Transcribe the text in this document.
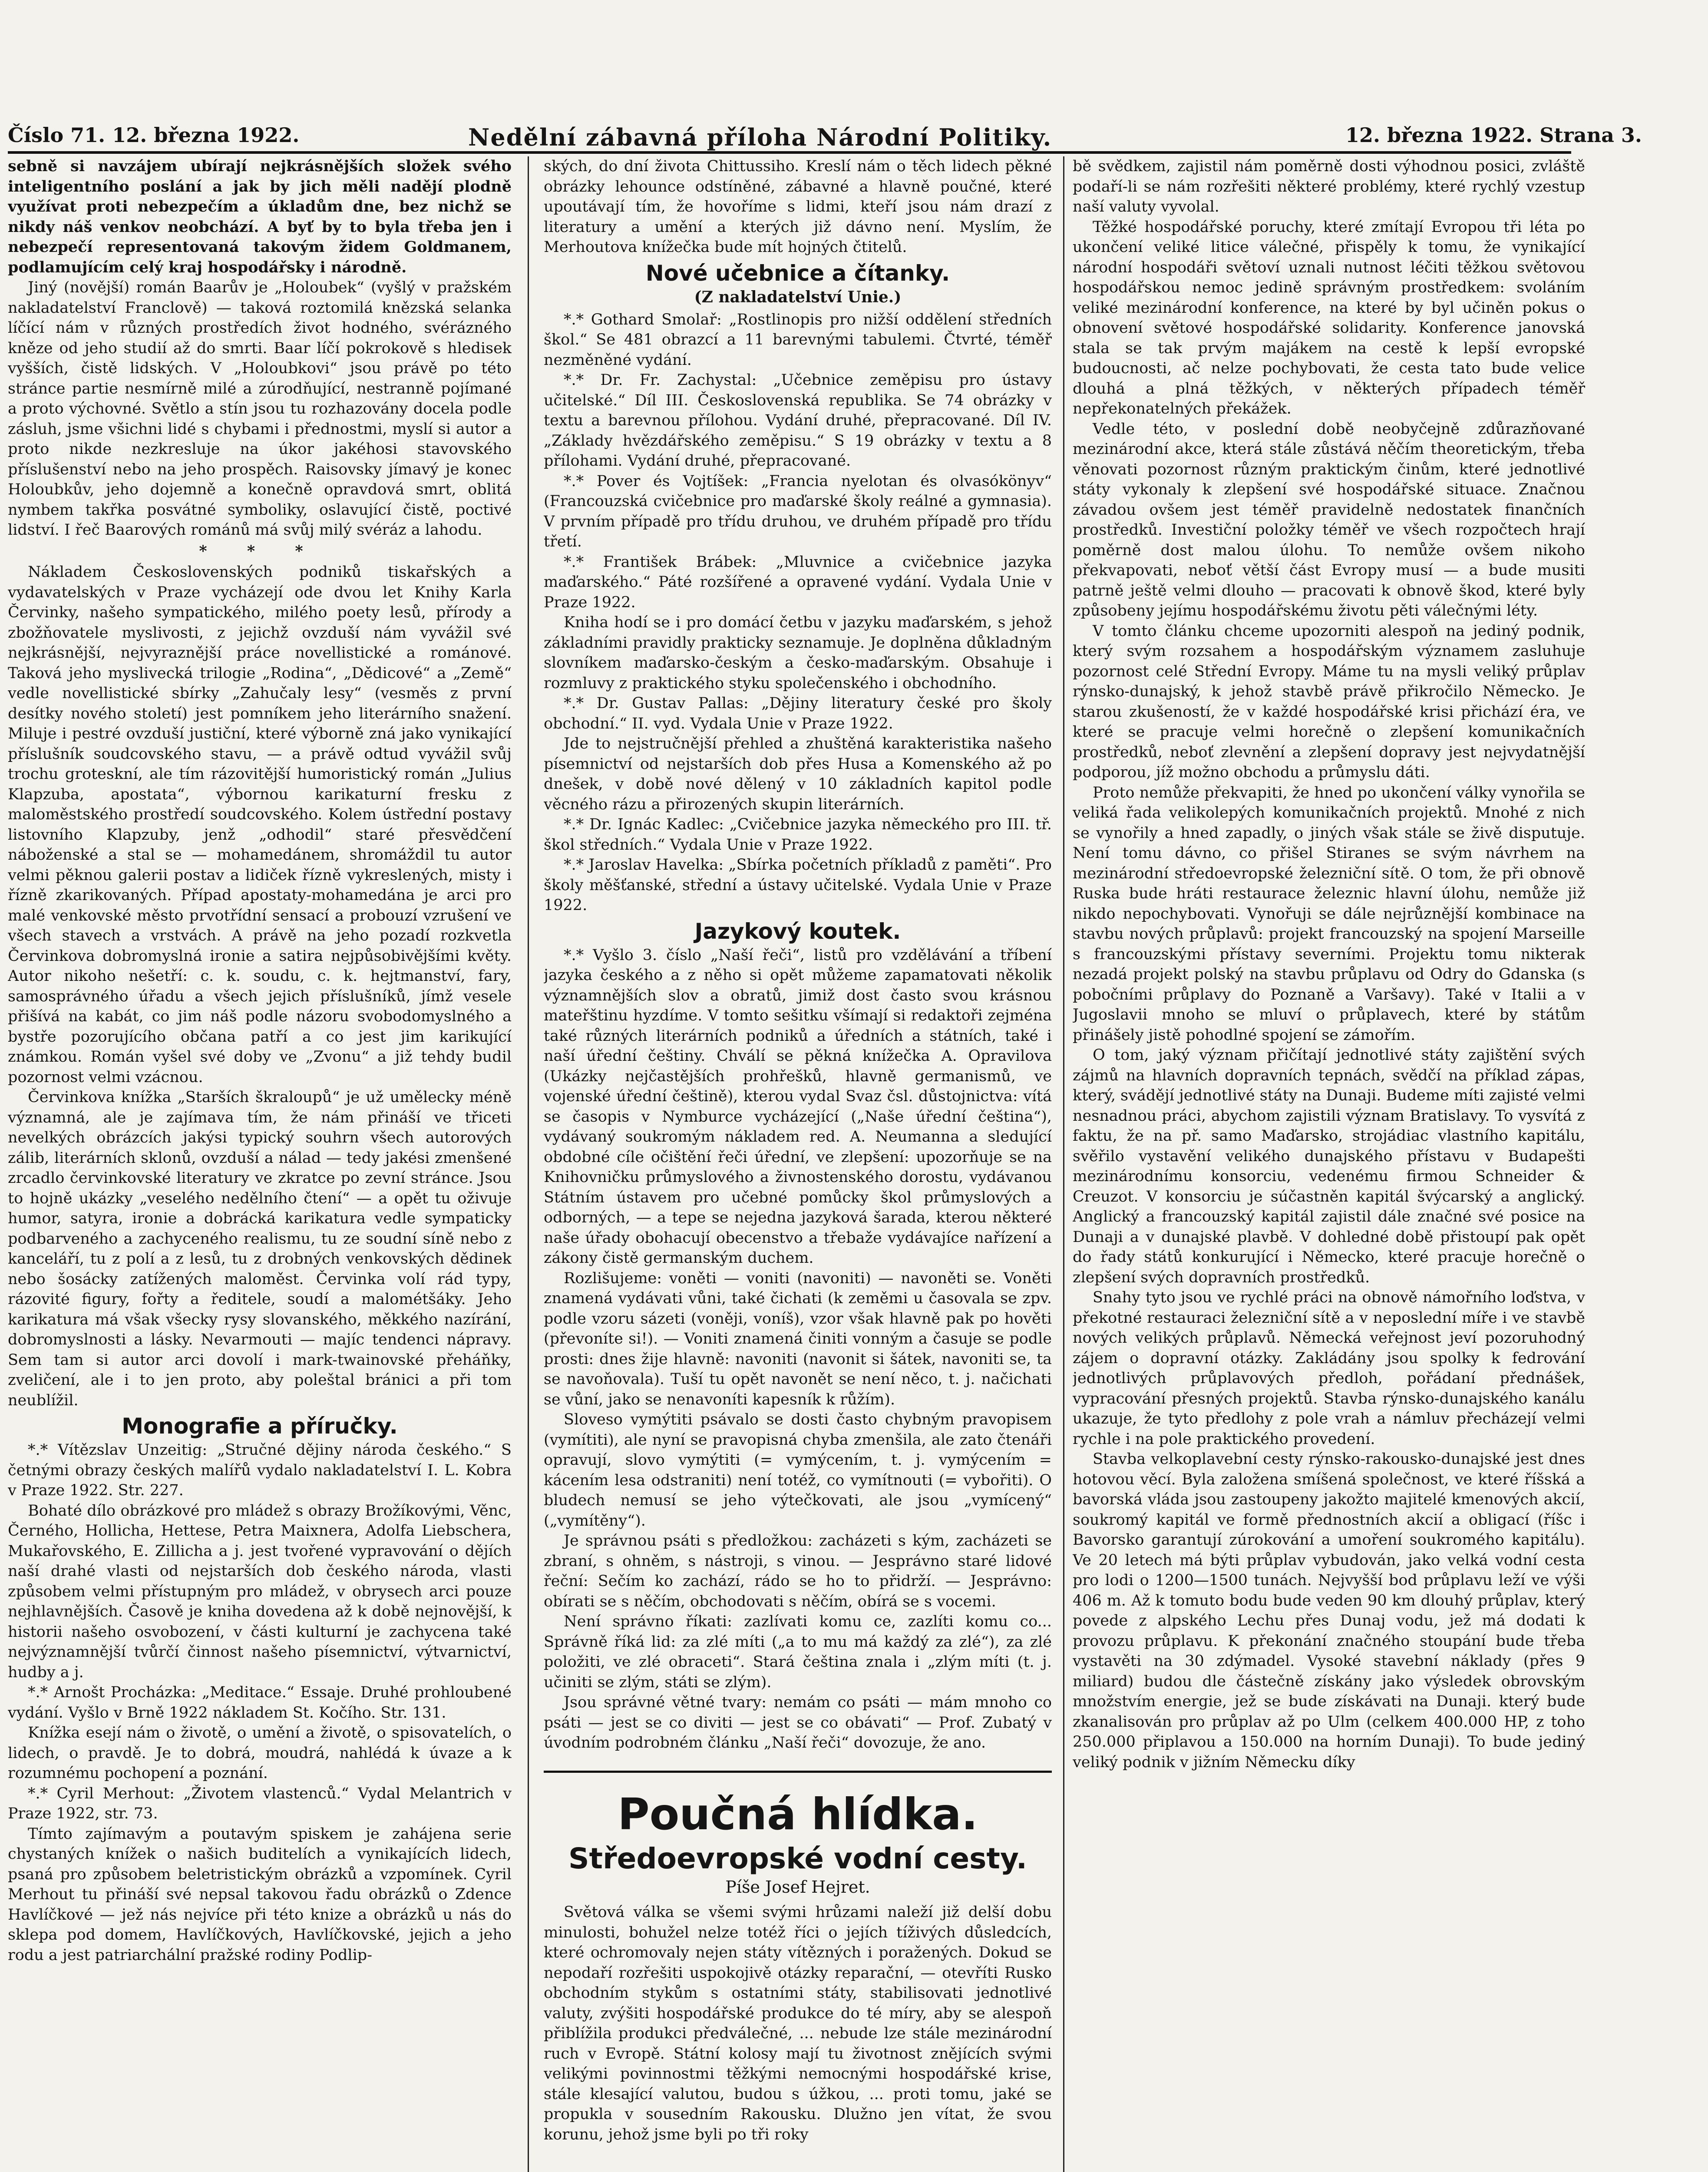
Číslo 71. 12. března 1922.	Nedělní zábavná příloha Národní Politiky.	12. března 1922. Strana 3.

sebně si navzájem ubírají nejkrásnějších složek svého inteligentního poslání a jak by jich měli nadějí plodně využívat proti nebezpečím a úkladům dne, bez nichž se nikdy náš venkov neobchází. A byť by to byla třeba jen i nebezpečí representovaná takovým židem Goldmanem, podlamujícím celý kraj hospodářsky i národně.

Jiný (novější) román Baarův je „Holoubek“ (vyšlý v pražském nakladatelství Franclově) — taková roztomilá knězská selanka líčící nám v různých prostředích život hodného, svérázného kněze od jeho studií až do smrti. Baar líčí pokrokově s hledisek vyšších, čistě lidských. V „Holoubkovi“ jsou právě po této stránce partie nesmírně milé a zúrodňující, nestranně pojímané a proto výchovné. Světlo a stín jsou tu rozhazovány docela podle zásluh, jsme všichni lidé s chybami i přednostmi, myslí si autor a proto nikde nezkresluje na úkor jakéhosi stavovského příslušenství nebo na jeho prospěch. Raisovsky jímavý je konec Holoubkův, jeho dojemně a konečně opravdová smrt, oblitá nymbem takřka posvátné symboliky, oslavující čistě, poctivé lidství. I řeč Baarových románů má svůj milý svéráz a lahodu.

* * *

Nákladem Československých podniků tiskařských a vydavatelských v Praze vycházejí ode dvou let Knihy Karla Červinky, našeho sympatického, milého poety lesů, přírody a zbožňovatele myslivosti, z jejichž ovzduší nám vyvážil své nejkrásnější, nejvyraznější práce novellistické a románové. Taková jeho myslivecká trilogie „Rodina“, „Dědicové“ a „Země“ vedle novellistické sbírky „Zahučaly lesy“ (vesměs z první desítky nového století) jest pomníkem jeho literárního snažení. Miluje i pestré ovzduší justiční, které výborně zná jako vynikající příslušník soudcovského stavu, — a právě odtud vyvážil svůj trochu groteskní, ale tím rázovitější humoristický román „Julius Klapzuba, apostata“, výbornou karikaturní fresku z maloměstského prostředí soudcovského. Kolem ústřední postavy listovního Klapzuby, jenž „odhodil“ staré přesvědčení náboženské a stal se — mohamedánem, shromáždil tu autor velmi pěknou galerii postav a lidiček řízně vykreslených, misty i řízně zkarikovaných. Případ apostaty-mohamedána je arci pro malé venkovské město prvotřídní sensací a probouzí vzrušení ve všech stavech a vrstvách. A právě na jeho pozadí rozkvetla Červinkova dobromyslná ironie a satira nejpůsobivějšími květy. Autor nikoho nešetří: c. k. soudu, c. k. hejtmanství, fary, samosprávného úřadu a všech jejich příslušníků, jímž vesele přišívá na kabát, co jim náš podle názoru svobodomyslného a bystře pozorujícího občana patří a co jest jim karikující známkou. Román vyšel své doby ve „Zvonu“ a již tehdy budil pozornost velmi vzácnou.

Červinkova knížka „Starších škraloupů“ je už umělecky méně významná, ale je zajímava tím, že nám přináší ve třiceti nevelkých obrázcích jakýsi typický souhrn všech autorových zálib, literárních sklonů, ovzduší a nálad — tedy jakési zmenšené zrcadlo červinkovské literatury ve zkratce po zevní stránce. Jsou to hojně ukázky „veselého nedělního čtení“ — a opět tu oživuje humor, satyra, ironie a dobrácká karikatura vedle sympaticky podbarveného a zachyceného realismu, tu ze soudní síně nebo z kanceláří, tu z polí a z lesů, tu z drobných venkovských dědinek nebo šosácky zatížených maloměst. Červinka volí rád typy, rázovité figury, fořty a ředitele, soudí a malométšáky. Jeho karikatura má však všecky rysy slovanského, měkkého nazírání, dobromyslnosti a lásky. Nevarmouti — majíc tendenci nápravy. Sem tam si autor arci dovolí i mark-twainovské přeháňky, zveličení, ale i to jen proto, aby poleštal bránici a při tom neublížil.

Monografie a příručky.

*.* Vítězslav Unzeitig: „Stručné dějiny národa českého.“ S četnými obrazy českých malířů vydalo nakladatelství I. L. Kobra v Praze 1922. Str. 227.

Bohaté dílo obrázkové pro mládež s obrazy Brožíkovými, Věnc, Černého, Hollicha, Hettese, Petra Maixnera, Adolfa Liebschera, Mukařovského, E. Zillicha a j. jest tvořené vypravování o dějích naší drahé vlasti od nejstarších dob českého národa, vlasti způsobem velmi přístupným pro mládež, v obrysech arci pouze nejhlavnějších. Časově je kniha dovedena až k době nejnovější, k historii našeho osvobození, v části kulturní je zachycena také nejvýznamnější tvůrčí činnost našeho písemnictví, výtvarnictví, hudby a j.

*.* Arnošt Procházka: „Meditace.“ Essaje. Druhé prohloubené vydání. Vyšlo v Brně 1922 nákladem St. Kočího. Str. 131.

Knížka esejí nám o životě, o umění a životě, o spisovatelích, o lidech, o pravdě. Je to dobrá, moudrá, nahlédá k úvaze a k rozumnému pochopení a poznání.

*.* Cyril Merhout: „Životem vlastenců.“ Vydal Melantrich v Praze 1922, str. 73.

Tímto zajímavým a poutavým spiskem je zahájena serie chystaných knížek o našich buditelích a vynikajících lidech, psaná pro způsobem beletristickým obrázků a vzpomínek. Cyril Merhout tu přináší své nepsal takovou řadu obrázků o Zdence Havlíčkové — jež nás nejvíce při této knize a obrázků u nás do sklepa pod domem, Havlíčkových, Havlíčkovské, jejich a jeho rodu a jest patriarchální pražské rodiny Podlip-

ských, do dní života Chittussiho. Kreslí nám o těch lidech pěkné obrázky lehounce odstíněné, zábavné a hlavně poučné, které upoutávají tím, že hovoříme s lidmi, kteří jsou nám drazí z literatury a umění a kterých již dávno není. Myslím, že Merhoutova knížečka bude mít hojných čtitelů.

Nové učebnice a čítanky.
(Z nakladatelství Unie.)

*.* Gothard Smolař: „Rostlinopis pro nižší oddělení středních škol.“ Se 481 obrazcí a 11 barevnými tabulemi. Čtvrté, téměř nezměněné vydání.

*.* Dr. Fr. Zachystal: „Učebnice zeměpisu pro ústavy učitelské.“ Díl III. Československá republika. Se 74 obrázky v textu a barevnou přílohou. Vydání druhé, přepracované. Díl IV. „Základy hvězdářského zeměpisu.“ S 19 obrázky v textu a 8 přílohami. Vydání druhé, přepracované.

*.* Pover és Vojtíšek: „Francia nyelotan és olvasókönyv“ (Francouzská cvičebnice pro maďarské školy reálné a gymnasia). V prvním případě pro třídu druhou, ve druhém případě pro třídu třetí.

*.* František Brábek: „Mluvnice a cvičebnice jazyka maďarského.“ Páté rozšířené a opravené vydání. Vydala Unie v Praze 1922.

Kniha hodí se i pro domácí četbu v jazyku maďarském, s jehož základními pravidly prakticky seznamuje. Je doplněna důkladným slovníkem maďarsko-českým a česko-maďarským. Obsahuje i rozmluvy z praktického styku společenského i obchodního.

*.* Dr. Gustav Pallas: „Dějiny literatury české pro školy obchodní.“ II. vyd. Vydala Unie v Praze 1922.

Jde to nejstručnější přehled a zhuštěná karakteristika našeho písemnictví od nejstarších dob přes Husa a Komenského až po dnešek, v době nové dělený v 10 základních kapitol podle věcného rázu a přirozených skupin literárních.

*.* Dr. Ignác Kadlec: „Cvičebnice jazyka německého pro III. tř. škol středních.“ Vydala Unie v Praze 1922.

*.* Jaroslav Havelka: „Sbírka početních příkladů z paměti“. Pro školy měšťanské, střední a ústavy učitelské. Vydala Unie v Praze 1922.

Jazykový koutek.

*.* Vyšlo 3. číslo „Naší řeči“, listů pro vzdělávání a tříbení jazyka českého a z něho si opět můžeme zapamatovati několik významnějších slov a obratů, jimiž dost často svou krásnou mateřštinu hyzdíme. V tomto sešitku všímají si redaktoři zejména také různých literárních podniků a úředních a státních, také i naší úřední češtiny. Chválí se pěkná knížečka A. Opravilova (Ukázky nejčastějších prohřešků, hlavně germanismů, ve vojenské úřední češtině), kterou vydal Svaz čsl. důstojnictva: vítá se časopis v Nymburce vycházející („Naše úřední čeština“), vydávaný soukromým nákladem red. A. Neumanna a sledující obdobné cíle očištění řeči úřední, ve zlepšení: upozorňuje se na Knihovničku průmyslového a živnostenského dorostu, vydávanou Státním ústavem pro učebné pomůcky škol průmyslových a odborných, — a tepe se nejedna jazyková šarada, kterou některé naše úřady obohacují obecenstvo a třebaže vydávajíce nařízení a zákony čistě germanským duchem.

Rozlišujeme: voněti — voniti (navoniti) — navoněti se. Voněti znamená vydávati vůni, také čichati (k zeměmi u časovala se zpv. podle vzoru sázeti (voněji, voníš), vzor však hlavně pak po hověti (převoníte si!). — Voniti znamená činiti vonným a časuje se podle prosti: dnes žije hlavně: navoniti (navonit si šátek, navoniti se, ta se navoňovala). Tuší tu opět navonět se není něco, t. j. načichati se vůní, jako se nenavoníti kapesník k růžím).

Sloveso vymýtiti psávalo se dosti často chybným pravopisem (vymítiti), ale nyní se pravopisná chyba zmenšila, ale zato čtenáři opravují, slovo vymýtiti (= vymýcením, t. j. vymýcením = kácením lesa odstraniti) není totéž, co vymítnouti (= vybořiti). O bludech nemusí se jeho výtečkovati, ale jsou „vymícený“ („vymítěny“).

Je správnou psáti s předložkou: zacházeti s kým, zacházeti se zbraní, s ohněm, s nástroji, s vinou. — Jesprávno staré lidové řeční: Sečím ko zachází, rádo se ho to přidrží. — Jesprávno: obírati se s něčím, obchodovati s něčím, obírá se s vocemi.

Není správno říkati: zazlívati komu ce, zazlíti komu co... Správně říká lid: za zlé míti („a to mu má každý za zlé“), za zlé položiti, ve zlé obraceti“. Stará čeština znala i „zlým míti (t. j. učiniti se zlým, státi se zlým).

Jsou správné větné tvary: nemám co psáti — mám mnoho co psáti — jest se co diviti — jest se co obávati“ — Prof. Zubatý v úvodním podrobném článku „Naší řeči“ dovozuje, že ano.

Poučná hlídka.
Středoevropské vodní cesty.
Píše Josef Hejret.

Světová válka se všemi svými hrůzami naleží již delší dobu minulosti, bohužel nelze totéž říci o jejích tíživých důsledcích, které ochromovaly nejen státy vítězných i poražených. Dokud se nepodaří rozřešiti uspokojivě otázky reparační, — otevříti Rusko obchodním stykům s ostatními státy, stabilisovati jednotlivé valuty, zvýšiti hospodářské produkce do té míry, aby se alespoň přiblížila produkci předválečné, ... nebude lze stále mezinárodní ruch v Evropě. Státní kolosy mají tu životnost znějících svými velikými povinnostmi těžkými nemocnými hospodářské krise, stále klesající valutou, budou s úžkou, ... proti tomu, jaké se propukla v sousedním Rakousku. Dlužno jen vítat, že svou korunu, jehož jsme byli po tři roky

bě svědkem, zajistil nám poměrně dosti výhodnou posici, zvláště podaří-li se nám rozřešiti některé problémy, které rychlý vzestup naší valuty vyvolal.

Těžké hospodářské poruchy, které zmítají Evropou tři léta po ukončení veliké litice válečné, přispěly k tomu, že vynikající národní hospodáři světoví uznali nutnost léčiti těžkou světovou hospodářskou nemoc jedině správným prostředkem: svoláním veliké mezinárodní konference, na které by byl učiněn pokus o obnovení světové hospodářské solidarity. Konference janovská stala se tak prvým majákem na cestě k lepší evropské budoucnosti, ač nelze pochybovati, že cesta tato bude velice dlouhá a plná těžkých, v některých případech téměř nepřekonatelných překážek.

Vedle této, v poslední době neobyčejně zdůrazňované mezinárodní akce, která stále zůstává něčím theoretickým, třeba věnovati pozornost různým praktickým činům, které jednotlivé státy vykonaly k zlepšení své hospodářské situace. Značnou závadou ovšem jest téměř pravidelně nedostatek finančních prostředků. Investiční položky téměř ve všech rozpočtech hrají poměrně dost malou úlohu. To nemůže ovšem nikoho překvapovati, neboť větší část Evropy musí — a bude musiti patrně ještě velmi dlouho — pracovati k obnově škod, které byly způsobeny jejímu hospodářskému životu pěti válečnými léty.

V tomto článku chceme upozorniti alespoň na jediný podnik, který svým rozsahem a hospodářským významem zasluhuje pozornost celé Střední Evropy. Máme tu na mysli veliký průplav rýnsko-dunajský, k jehož stavbě právě přikročilo Německo. Je starou zkušeností, že v každé hospodářské krisi přichází éra, ve které se pracuje velmi horečně o zlepšení komunikačních prostředků, neboť zlevnění a zlepšení dopravy jest nejvydatnější podporou, jíž možno obchodu a průmyslu dáti.

Proto nemůže překvapiti, že hned po ukončení války vynořila se veliká řada velikolepých komunikačních projektů. Mnohé z nich se vynořily a hned zapadly, o jiných však stále se živě disputuje. Není tomu dávno, co přišel Stiranes se svým návrhem na mezinárodní středoevropské železniční sítě. O tom, že při obnově Ruska bude hráti restaurace železnic hlavní úlohu, nemůže již nikdo nepochybovati. Vynořuji se dále nejrůznější kombinace na stavbu nových průplavů: projekt francouzský na spojení Marseille s francouzskými přístavy severními. Projektu tomu nikterak nezadá projekt polský na stavbu průplavu od Odry do Gdanska (s pobočními průplavy do Poznaně a Varšavy). Také v Italii a v Jugoslavii mnoho se mluví o průplavech, které by státům přinášely jistě pohodlné spojení se zámořím.

O tom, jaký význam přičítají jednotlivé státy zajištění svých zájmů na hlavních dopravních tepnách, svědčí na příklad zápas, který, svádějí jednotlivé státy na Dunaji. Budeme míti zajisté velmi nesnadnou práci, abychom zajistili význam Bratislavy. To vysvítá z faktu, že na př. samo Maďarsko, strojádiac vlastního kapitálu, svěřilo vystavění velikého dunajského přístavu v Budapešti mezinárodnímu konsorciu, vedenému firmou Schneider & Creuzot. V konsorciu je súčastněn kapitál švýcarský a anglický. Anglický a francouzský kapitál zajistil dále značné své posice na Dunaji a v dunajské plavbě. V dohledné době přistoupí pak opět do řady států konkurující i Německo, které pracuje horečně o zlepšení svých dopravních prostředků.

Snahy tyto jsou ve rychlé práci na obnově námořního loďstva, v překotné restauraci železniční sítě a v neposlední míře i ve stavbě nových velikých průplavů. Německá veřejnost jeví pozoruhodný zájem o dopravní otázky. Zakládány jsou spolky k fedrování jednotlivých průplavových předloh, pořádaní přednášek, vypracování přesných projektů. Stavba rýnsko-dunajského kanálu ukazuje, že tyto předlohy z pole vrah a námluv přecházejí velmi rychle i na pole praktického provedení.

Stavba velkoplavební cesty rýnsko-rakousko-dunajské jest dnes hotovou věcí. Byla založena smíšená společnost, ve které říšská a bavorská vláda jsou zastoupeny jakožto majitelé kmenových akcií, soukromý kapitál ve formě přednostních akcií a obligací (říšc i Bavorsko garantují zúrokování a umoření soukromého kapitálu). Ve 20 letech má býti průplav vybudován, jako velká vodní cesta pro lodi o 1200—1500 tunách. Nejvyšší bod průplavu leží ve výši 406 m. Až k tomuto bodu bude veden 90 km dlouhý průplav, který povede z alpského Lechu přes Dunaj vodu, jež má dodati k provozu průplavu. K překonání značného stoupání bude třeba vystavěti na 30 zdýmadel. Vysoké stavební náklady (přes 9 miliard) budou dle částečně získány jako výsledek obrovským množstvím energie, jež se bude získávati na Dunaji. který bude zkanalisován pro průplav až po Ulm (celkem 400.000 HP, z toho 250.000 připlavou a 150.000 na horním Dunaji). To bude jediný veliký podnik v jižním Německu díky
